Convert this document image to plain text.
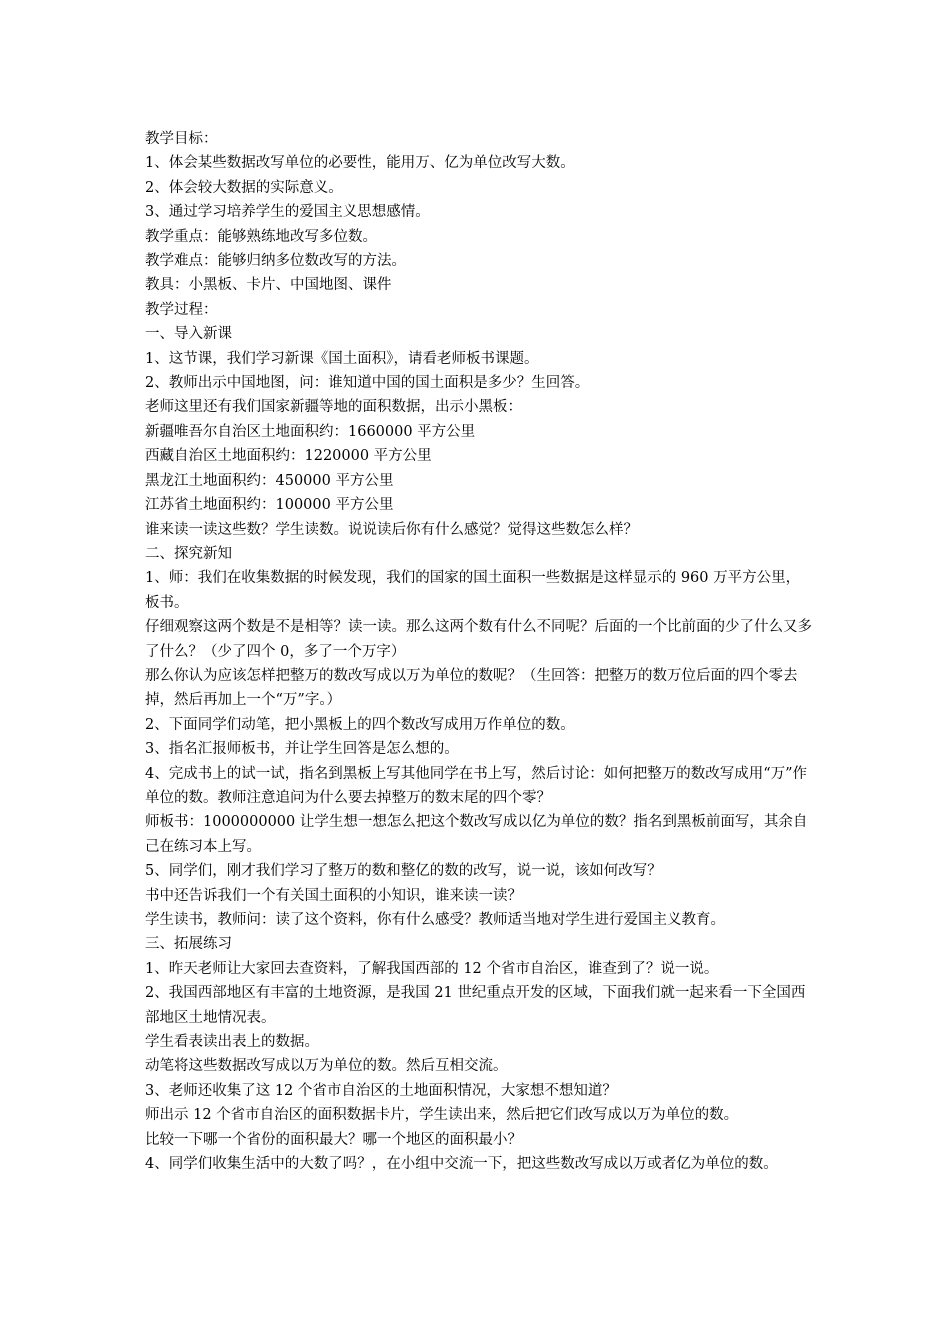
教学目标：

1、体会某些数据改写单位的必要性，能用万、亿为单位改写大数。

2、体会较大数据的实际意义。

3、通过学习培养学生的爱国主义思想感情。

教学重点：能够熟练地改写多位数。

教学难点：能够归纳多位数改写的方法。

教具：小黑板、卡片、中国地图、课件

教学过程：

一、导入新课

1、这节课，我们学习新课《国土面积》，请看老师板书课题。

2、教师出示中国地图，问：谁知道中国的国土面积是多少？生回答。

老师这里还有我们国家新疆等地的面积数据，出示小黑板：

新疆唯吾尔自治区土地面积约：1660000 平方公里

西藏自治区土地面积约：1220000 平方公里

黑龙江土地面积约：450000 平方公里

江苏省土地面积约：100000 平方公里

谁来读一读这些数？学生读数。说说读后你有什么感觉？觉得这些数怎么样？

二、探究新知

1、师：我们在收集数据的时候发现，我们的国家的国土面积一些数据是这样显示的 960 万平方公里，板书。

仔细观察这两个数是不是相等？读一读。那么这两个数有什么不同呢？后面的一个比前面的少了什么又多了什么？（少了四个 0，多了一个万字）

那么你认为应该怎样把整万的数改写成以万为单位的数呢？（生回答：把整万的数万位后面的四个零去掉，然后再加上一个“万”字。）

2、下面同学们动笔，把小黑板上的四个数改写成用万作单位的数。

3、指名汇报师板书，并让学生回答是怎么想的。

4、完成书上的试一试，指名到黑板上写其他同学在书上写，然后讨论：如何把整万的数改写成用“万”作单位的数。教师注意追问为什么要去掉整万的数末尾的四个零？

师板书：1000000000 让学生想一想怎么把这个数改写成以亿为单位的数？指名到黑板前面写，其余自己在练习本上写。

5、同学们，刚才我们学习了整万的数和整亿的数的改写，说一说，该如何改写？

书中还告诉我们一个有关国土面积的小知识，谁来读一读？

学生读书，教师问：读了这个资料，你有什么感受？教师适当地对学生进行爱国主义教育。

三、拓展练习

1、昨天老师让大家回去查资料，了解我国西部的 12 个省市自治区，谁查到了？说一说。

2、我国西部地区有丰富的土地资源，是我国 21 世纪重点开发的区域，下面我们就一起来看一下全国西部地区土地情况表。

学生看表读出表上的数据。

动笔将这些数据改写成以万为单位的数。然后互相交流。

3、老师还收集了这 12 个省市自治区的土地面积情况，大家想不想知道？

师出示 12 个省市自治区的面积数据卡片，学生读出来，然后把它们改写成以万为单位的数。

比较一下哪一个省份的面积最大？哪一个地区的面积最小？

4、同学们收集生活中的大数了吗？，在小组中交流一下，把这些数改写成以万或者亿为单位的数。
